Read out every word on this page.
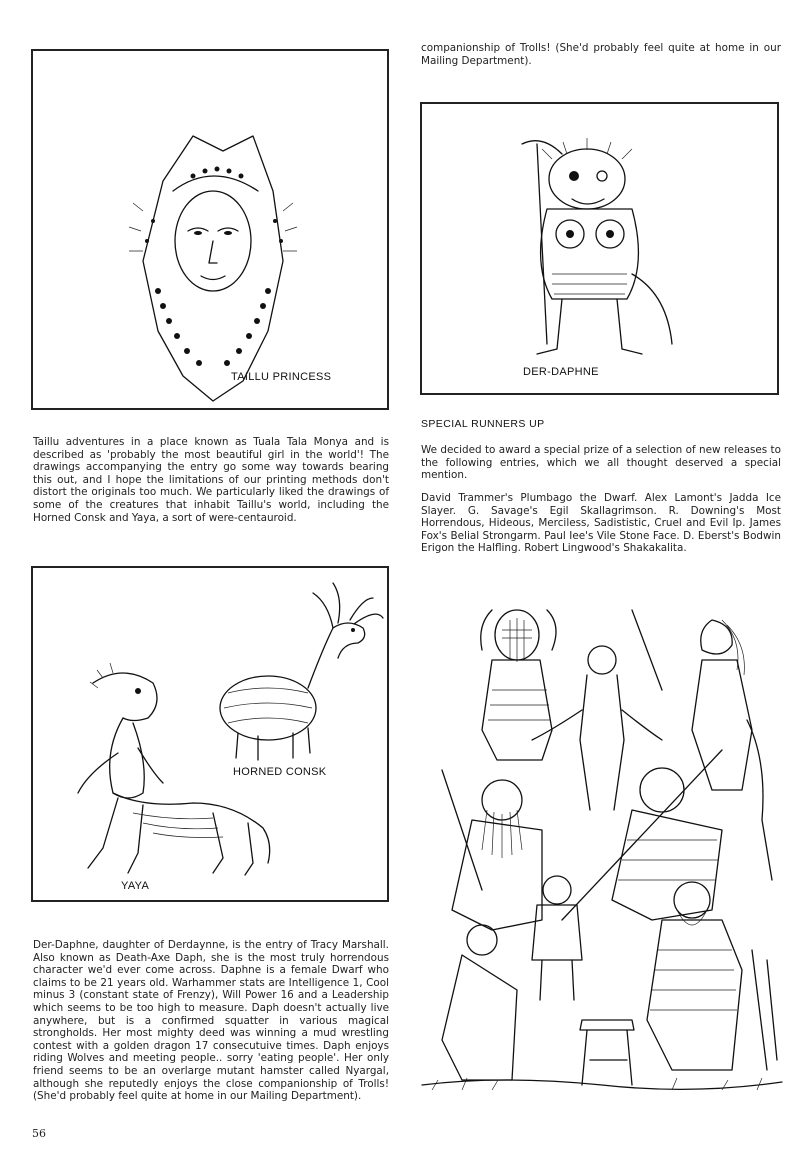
companionship of Trolls! (She'd probably feel quite at home in our Mailing Department).

TAILLU PRINCESS	DER-DAPHNE

Taillu adventures in a place known as Tuala Tala Monya and is described as 'probably the most beautiful girl in the world'! The drawings accompanying the entry go some way towards bearing this out, and I hope the limitations of our printing methods don't distort the originals too much. We particularly liked the drawings of some of the creatures that inhabit Taillu's world, including the Horned Consk and Yaya, a sort of were-centauroid.

SPECIAL RUNNERS UP

We decided to award a special prize of a selection of new releases to the following entries, which we all thought deserved a special mention.

David Trammer's Plumbago the Dwarf. Alex Lamont's Jadda Ice Slayer. G. Savage's Egil Skallagrimson. R. Downing's Most Horrendous, Hideous, Merciless, Sadististic, Cruel and Evil Ip. James Fox's Belial Strongarm. Paul Iee's Vile Stone Face. D. Eberst's Bodwin Erigon the Halfling. Robert Lingwood's Shakakalita.

HORNED CONSK
YAYA

Der-Daphne, daughter of Derdaynne, is the entry of Tracy Marshall. Also known as Death-Axe Daph, she is the most truly horrendous character we'd ever come across. Daphne is a female Dwarf who claims to be 21 years old. Warhammer stats are Intelligence 1, Cool minus 3 (constant state of Frenzy), Will Power 16 and a Leadership which seems to be too high to measure. Daph doesn't actually live anywhere, but is a confirmed squatter in various magical strongholds. Her most mighty deed was winning a mud wrestling contest with a golden dragon 17 consecutuive times. Daph enjoys riding Wolves and meeting people.. sorry 'eating people'. Her only friend seems to be an overlarge mutant hamster called Nyargal, although she reputedly enjoys the close companionship of Trolls! (She'd probably feel quite at home in our Mailing Department).

56
